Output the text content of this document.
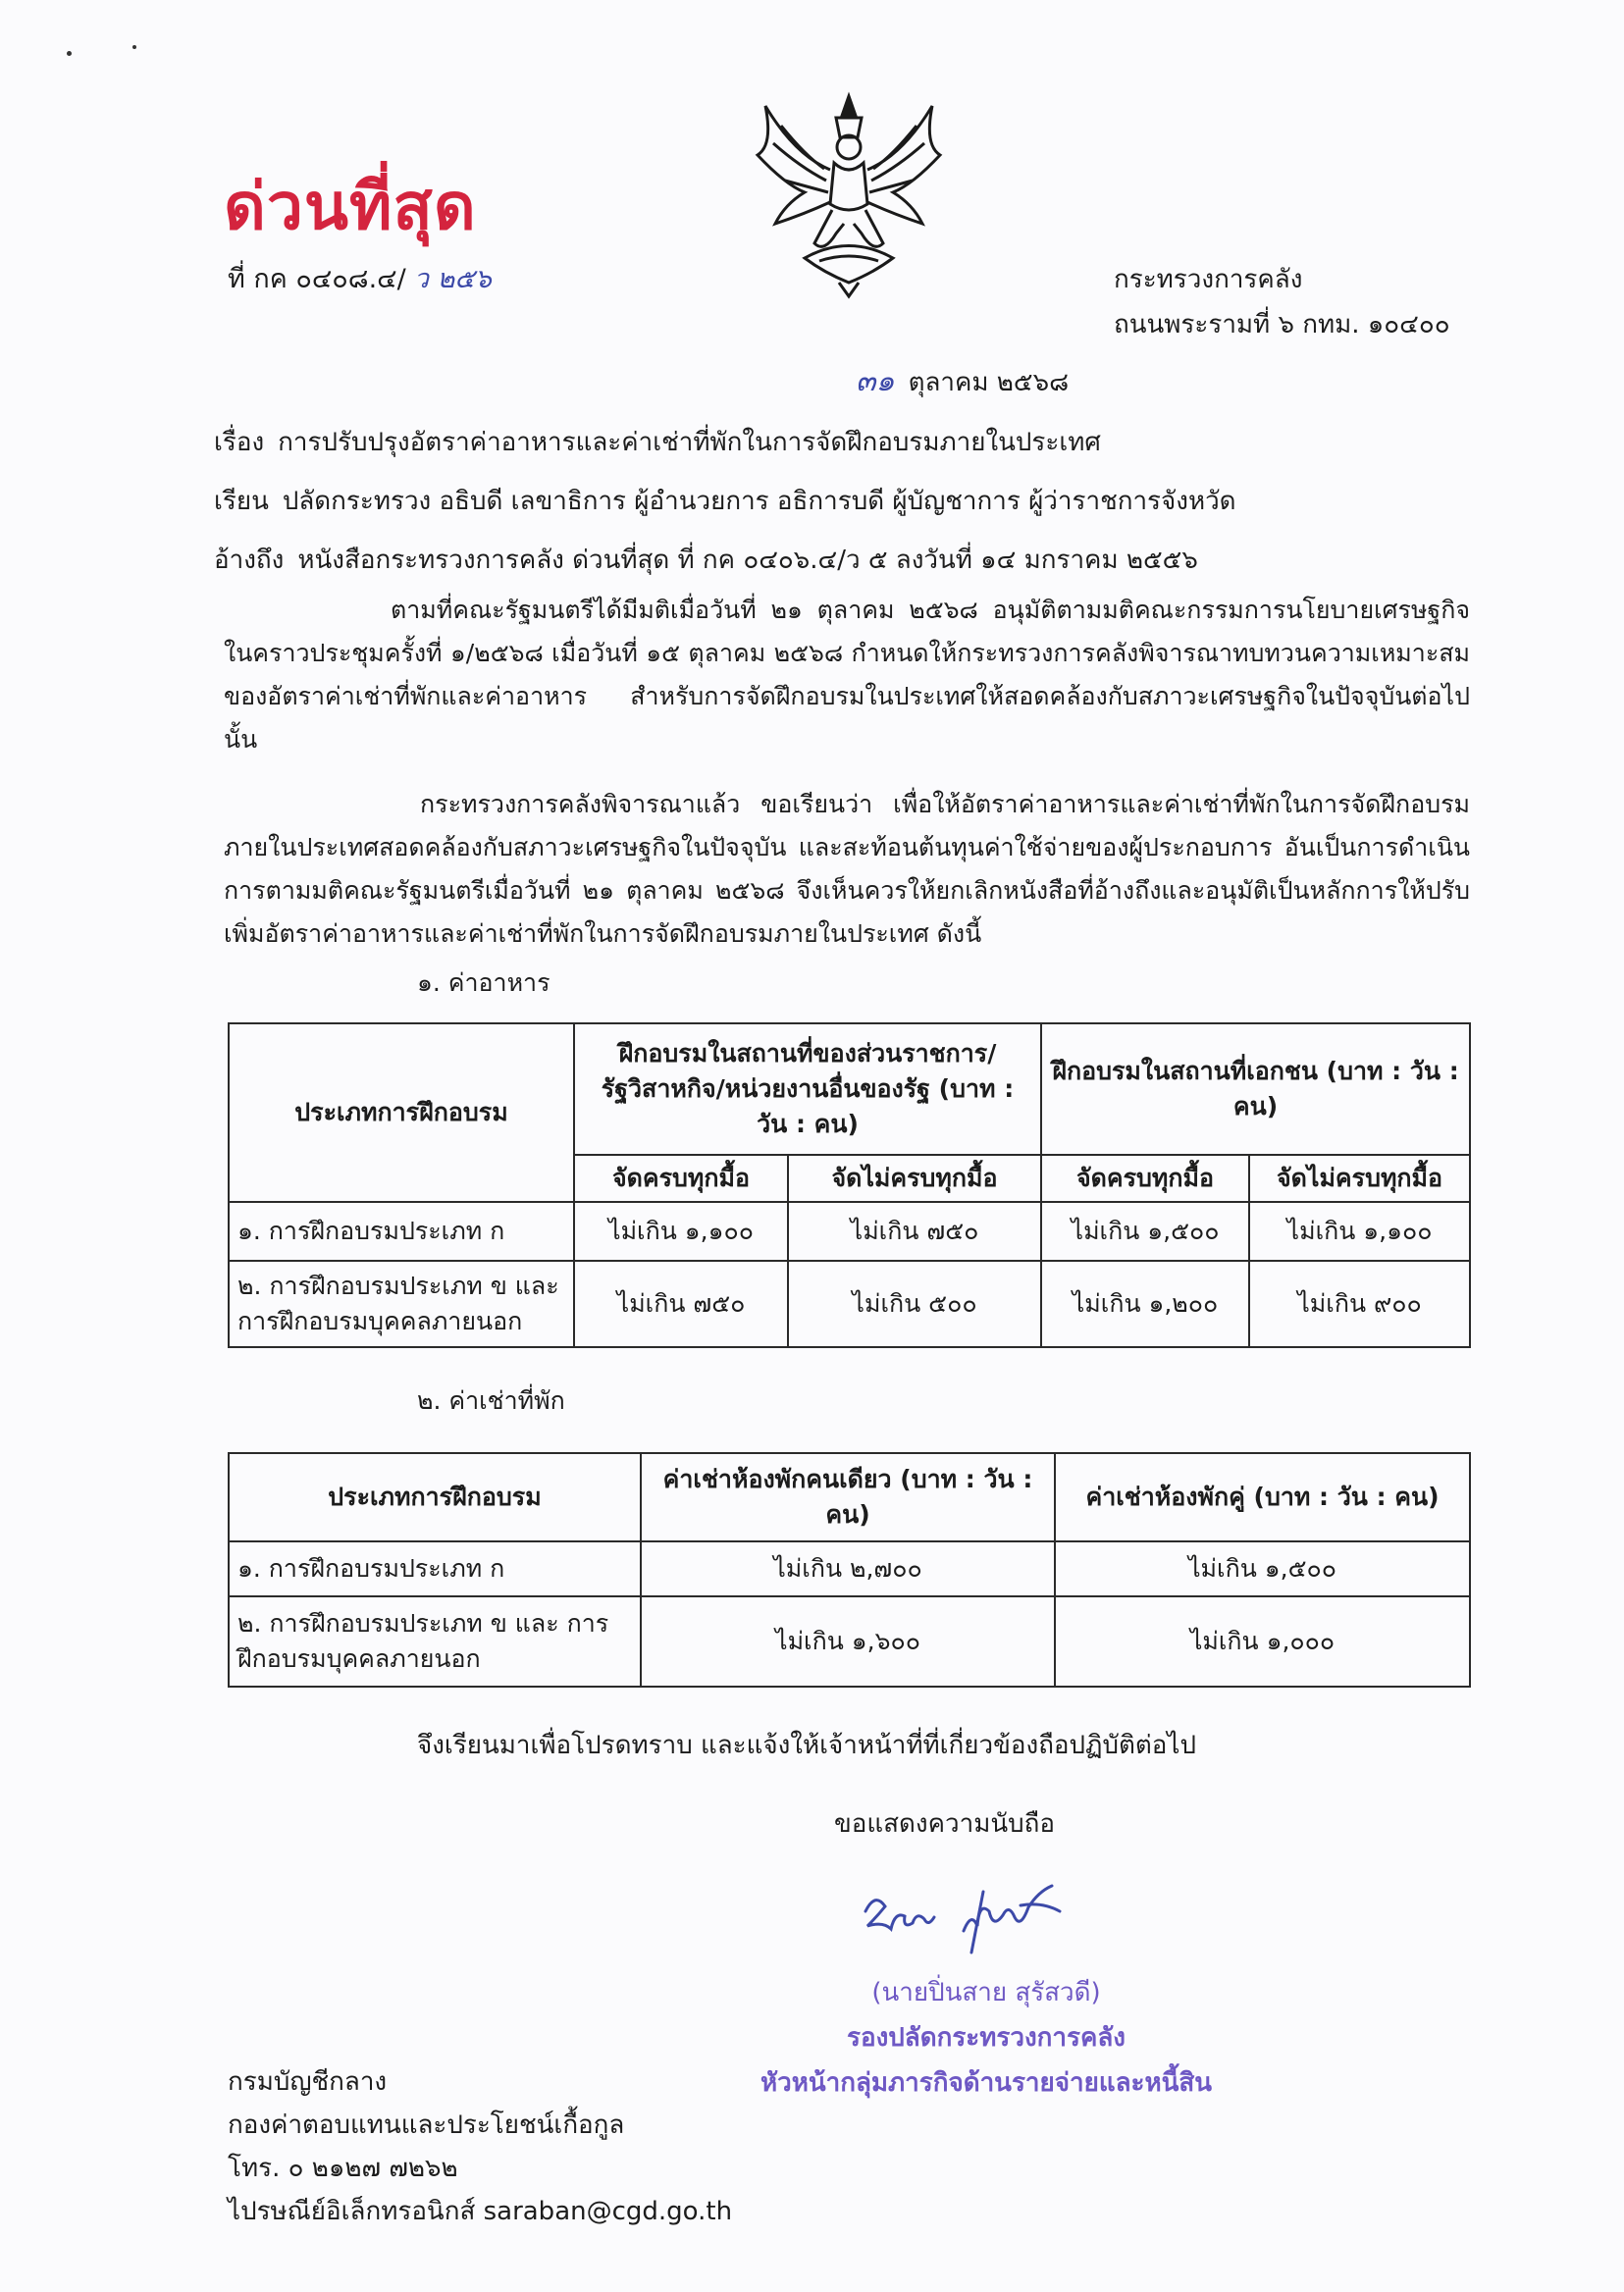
ด่วนที่สุด
ที่ กค ๐๔๐๘.๔/ ว ๒๕๖	กระทรวงการคลัง
ถนนพระรามที่ ๖ กทม. ๑๐๔๐๐
๓๑ ตุลาคม ๒๕๖๘
เรื่อง การปรับปรุงอัตราค่าอาหารและค่าเช่าที่พักในการจัดฝึกอบรมภายในประเทศ
เรียน ปลัดกระทรวง อธิบดี เลขาธิการ ผู้อำนวยการ อธิการบดี ผู้บัญชาการ ผู้ว่าราชการจังหวัด
อ้างถึง หนังสือกระทรวงการคลัง ด่วนที่สุด ที่ กค ๐๔๐๖.๔/ว ๕ ลงวันที่ ๑๔ มกราคม ๒๕๕๖

ตามที่คณะรัฐมนตรีได้มีมติเมื่อวันที่ ๒๑ ตุลาคม ๒๕๖๘ อนุมัติตามมติคณะกรรมการนโยบายเศรษฐกิจในคราวประชุมครั้งที่ ๑/๒๕๖๘ เมื่อวันที่ ๑๕ ตุลาคม ๒๕๖๘ กำหนดให้กระทรวงการคลังพิจารณาทบทวนความเหมาะสมของอัตราค่าเช่าที่พักและค่าอาหาร สำหรับการจัดฝึกอบรมในประเทศให้สอดคล้องกับสภาวะเศรษฐกิจในปัจจุบันต่อไป นั้น

กระทรวงการคลังพิจารณาแล้ว ขอเรียนว่า เพื่อให้อัตราค่าอาหารและค่าเช่าที่พักในการจัดฝึกอบรมภายในประเทศสอดคล้องกับสภาวะเศรษฐกิจในปัจจุบัน และสะท้อนต้นทุนค่าใช้จ่ายของผู้ประกอบการ อันเป็นการดำเนินการตามมติคณะรัฐมนตรีเมื่อวันที่ ๒๑ ตุลาคม ๒๕๖๘ จึงเห็นควรให้ยกเลิกหนังสือที่อ้างถึงและอนุมัติเป็นหลักการให้ปรับเพิ่มอัตราค่าอาหารและค่าเช่าที่พักในการจัดฝึกอบรมภายในประเทศ ดังนี้

๑. ค่าอาหาร
ประเภทการฝึกอบรม	ฝึกอบรมในสถานที่ของส่วนราชการ/ รัฐวิสาหกิจ/หน่วยงานอื่นของรัฐ (บาท : วัน : คน)		ฝึกอบรมในสถานที่เอกชน (บาท : วัน : คน)	
	จัดครบทุกมื้อ	จัดไม่ครบทุกมื้อ	จัดครบทุกมื้อ	จัดไม่ครบทุกมื้อ
๑. การฝึกอบรมประเภท ก	ไม่เกิน ๑,๑๐๐	ไม่เกิน ๗๕๐	ไม่เกิน ๑,๕๐๐	ไม่เกิน ๑,๑๐๐
๒. การฝึกอบรมประเภท ข และ การฝึกอบรมบุคคลภายนอก	ไม่เกิน ๗๕๐	ไม่เกิน ๕๐๐	ไม่เกิน ๑,๒๐๐	ไม่เกิน ๙๐๐
๒. ค่าเช่าที่พัก
ประเภทการฝึกอบรม	ค่าเช่าห้องพักคนเดียว (บาท : วัน : คน)	ค่าเช่าห้องพักคู่ (บาท : วัน : คน)
๑. การฝึกอบรมประเภท ก	ไม่เกิน ๒,๗๐๐	ไม่เกิน ๑,๕๐๐
๒. การฝึกอบรมประเภท ข และ การฝึกอบรมบุคคลภายนอก	ไม่เกิน ๑,๖๐๐	ไม่เกิน ๑,๐๐๐
จึงเรียนมาเพื่อโปรดทราบ และแจ้งให้เจ้าหน้าที่ที่เกี่ยวข้องถือปฏิบัติต่อไป
ขอแสดงความนับถือ
(นายปิ่นสาย สุรัสวดี)
รองปลัดกระทรวงการคลัง
หัวหน้ากลุ่มภารกิจด้านรายจ่ายและหนี้สิน
กรมบัญชีกลาง
กองค่าตอบแทนและประโยชน์เกื้อกูล
โทร. ๐ ๒๑๒๗ ๗๒๖๒
ไปรษณีย์อิเล็กทรอนิกส์ saraban@cgd.go.th
